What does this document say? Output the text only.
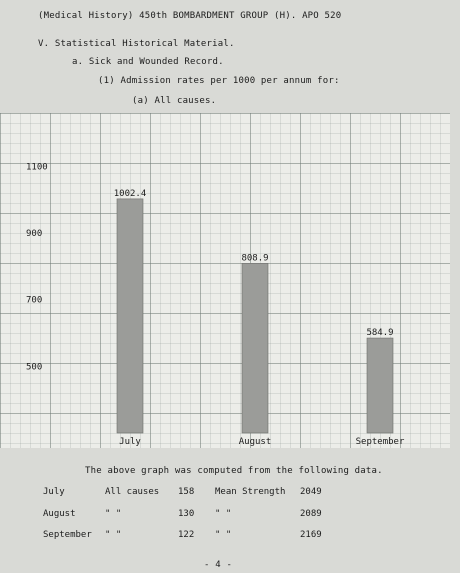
(Medical History) 450th BOMBARDMENT GROUP (H). APO 520
V. Statistical Historical Material.
a. Sick and Wounded Record.
(1) Admission rates per 1000 per annum for:
(a) All causes.
500
700
900
1100
1002.4
July
808.9
August
584.9
September
The above graph was computed from the following data.
July	All causes 158 Mean Strength 2049
August	" "	130 " "	2089
September " "	122 " "	2169
- 4 -
